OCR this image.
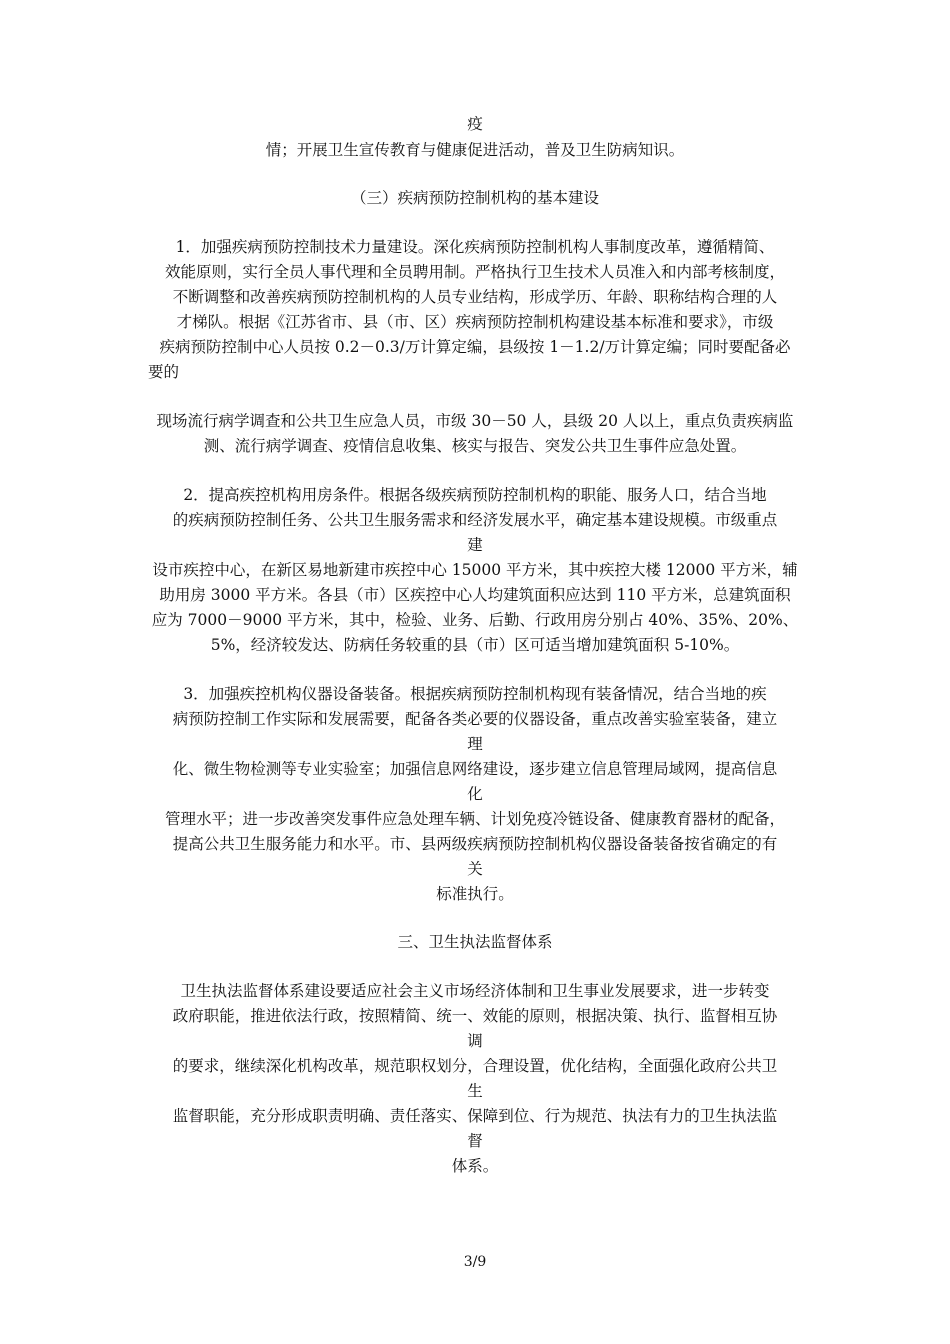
疫
情；开展卫生宣传教育与健康促进活动，普及卫生防病知识。
（三）疾病预防控制机构的基本建设
1．加强疾病预防控制技术力量建设。深化疾病预防控制机构人事制度改革，遵循精简、
效能原则，实行全员人事代理和全员聘用制。严格执行卫生技术人员准入和内部考核制度，
不断调整和改善疾病预防控制机构的人员专业结构，形成学历、年龄、职称结构合理的人
才梯队。根据《江苏省市、县（市、区）疾病预防控制机构建设基本标准和要求》，市级
疾病预防控制中心人员按 0.2－0.3/万计算定编，县级按 1－1.2/万计算定编；同时要配备必
要的
现场流行病学调查和公共卫生应急人员，市级 30－50 人，县级 20 人以上，重点负责疾病监
测、流行病学调查、疫情信息收集、核实与报告、突发公共卫生事件应急处置。
2．提高疾控机构用房条件。根据各级疾病预防控制机构的职能、服务人口，结合当地
的疾病预防控制任务、公共卫生服务需求和经济发展水平，确定基本建设规模。市级重点
建
设市疾控中心，在新区易地新建市疾控中心 15000 平方米，其中疾控大楼 12000 平方米，辅
助用房 3000 平方米。各县（市）区疾控中心人均建筑面积应达到 110 平方米，总建筑面积
应为 7000－9000 平方米，其中，检验、业务、后勤、行政用房分别占 40%、35%、20%、
5%，经济较发达、防病任务较重的县（市）区可适当增加建筑面积 5-10%。
3．加强疾控机构仪器设备装备。根据疾病预防控制机构现有装备情况，结合当地的疾
病预防控制工作实际和发展需要，配备各类必要的仪器设备，重点改善实验室装备，建立
理
化、微生物检测等专业实验室；加强信息网络建设，逐步建立信息管理局域网，提高信息
化
管理水平；进一步改善突发事件应急处理车辆、计划免疫冷链设备、健康教育器材的配备，
提高公共卫生服务能力和水平。市、县两级疾病预防控制机构仪器设备装备按省确定的有
关
标准执行。
三、卫生执法监督体系
卫生执法监督体系建设要适应社会主义市场经济体制和卫生事业发展要求，进一步转变
政府职能，推进依法行政，按照精简、统一、效能的原则，根据决策、执行、监督相互协
调
的要求，继续深化机构改革，规范职权划分，合理设置，优化结构，全面强化政府公共卫
生
监督职能，充分形成职责明确、责任落实、保障到位、行为规范、执法有力的卫生执法监
督
体系。
3/9
